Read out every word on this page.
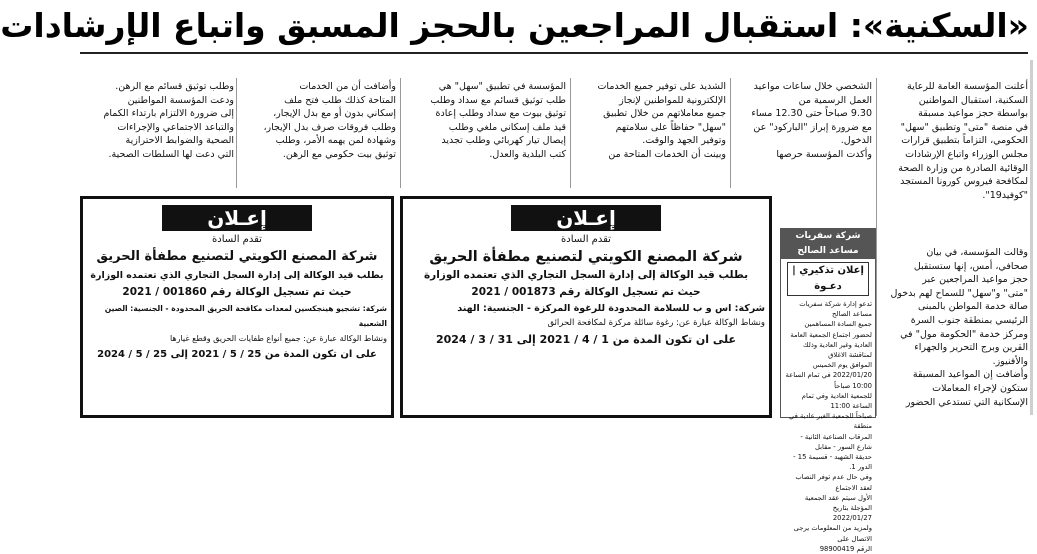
«السكنية»: استقبال المراجعين بالحجز المسبق واتباع الإرشادات

أعلنت المؤسسة العامة للرعاية

السكنية، استقبال المواطنين

بواسطة حجز مواعيد مسبقة

في منصة "متى" وتطبيق "سهل"

الحكومي، التزاماً بتطبيق قرارات

مجلس الوزراء واتباع الإرشادات

الوقائية الصادرة من وزارة الصحة

لمكافحة فيروس كورونا المستجد

"كوفيد19".

وقالت المؤسسة، في بيان

صحافي، أمس، إنها ستستقبل

حجز مواعيد المراجعين عبر

"متى" و"سهل" للسماح لهم بدخول

صالة خدمة المواطن بالمبنى

الرئيسي بمنطقة جنوب السرة

ومركز خدمة "الحكومة مول" في

القرين وبرج التحرير والجهراء

والأفنيوز.

وأضافت إن المواعيد المسبقة

ستكون لإجراء المعاملات

الإسكانية التي تستدعي الحضور

الشخصي خلال ساعات مواعيد

العمل الرسمية من

9.30 صباحاً حتى 12.30 مساء

مع ضرورة إبراز "الباركود" عن

الدخول.

وأكدت المؤسسة حرصها

الشديد على توفير جميع الخدمات

الإلكترونية للمواطنين لإنجاز

جميع معاملاتهم من خلال تطبيق

"سهل" حفاظاً على سلامتهم

وتوفير الجهد والوقت.

وبينت أن الخدمات المتاحة من

المؤسسة في تطبيق "سهل" هي

طلب توثيق قسائم مع سداد وطلب

توثيق بيوت مع سداد وطلب إعادة

قيد ملف إسكاني ملغي وطلب

إيصال تيار كهربائي وطلب تجديد

كتب البلدية والعدل.

وأضافت أن من الخدمات

المتاحة كذلك طلب فتح ملف

إسكاني بدون أو مع بدل الإيجار،

وطلب فروقات صرف بدل الإيجار،

وشهادة لمن يهمه الأمر، وطلب

توثيق بيت حكومي مع الرهن.

وطلب توثيق قسائم مع الرهن.

ودعت المؤسسة المواطنين

إلى ضرورة الالتزام بارتداء الكمام

والتباعد الاجتماعي والإجراءات

الصحية والضوابط الاحترازية

التي دعت لها السلطات الصحية.

شركة سفريات مساعد الصالح
إعلان تذكيري | دعـوة
تدعو إدارة شركة سفريات مساعد الصالح
جميع السادة المساهمين لحضور اجتماع الجمعية العامة
العادية وغير العادية وذلك لمناقشة الاغلاق
الموافق يوم الخميس
2022/01/20 في تمام الساعة 10:00 صباحاً
للجمعية العادية وفي تمام الساعة 11:00
صباحاً للجمعية الغير عادية في منطقة
المرقاب الصناعية الثانية - شارع السور - مقابل
حديقة الشهيد - قسيمة 15 - الدور 1.
وفي حال عدم توفر النصاب لعقد الاجتماع
الأول سيتم عقد الجمعية المؤجلة بتاريخ
2022/01/27
ولمزيد من المعلومات يرجى الاتصال على
الرقم 98900419
إعـلان
تقدم السادة
شركة المصنع الكويتي لتصنيع مطفأة الحريق
بطلب قيد الوكالة إلى إدارة السجل التجاري الذي تعتمده الوزارة
حيث تم تسجيل الوكالة رقم 001873 / 2021
شركة: اس و ب للسلامة المحدودة للرغوة المركزة - الجنسية: الهند
ونشاط الوكالة عبارة عن: رغوة سائلة مركزة لمكافحة الحرائق
على ان تكون المدة من 1 / 4 / 2021 إلى 31 / 3 / 2024
إعـلان
تقدم السادة
شركة المصنع الكويتي لتصنيع مطفأة الحريق
بطلب قيد الوكالة إلى إدارة السجل التجاري الذي تعتمده الوزارة
حيث تم تسجيل الوكالة رقم 001860 / 2021
شركة: تشجيو هينجكسين لمعدات مكافحة الحريق المحدودة - الجنسية: الصين الشعبية
ونشاط الوكالة عبارة عن: جميع أنواع طفايات الحريق وقطع غيارها
على ان تكون المدة من 25 / 5 / 2021 إلى 25 / 5 / 2024
